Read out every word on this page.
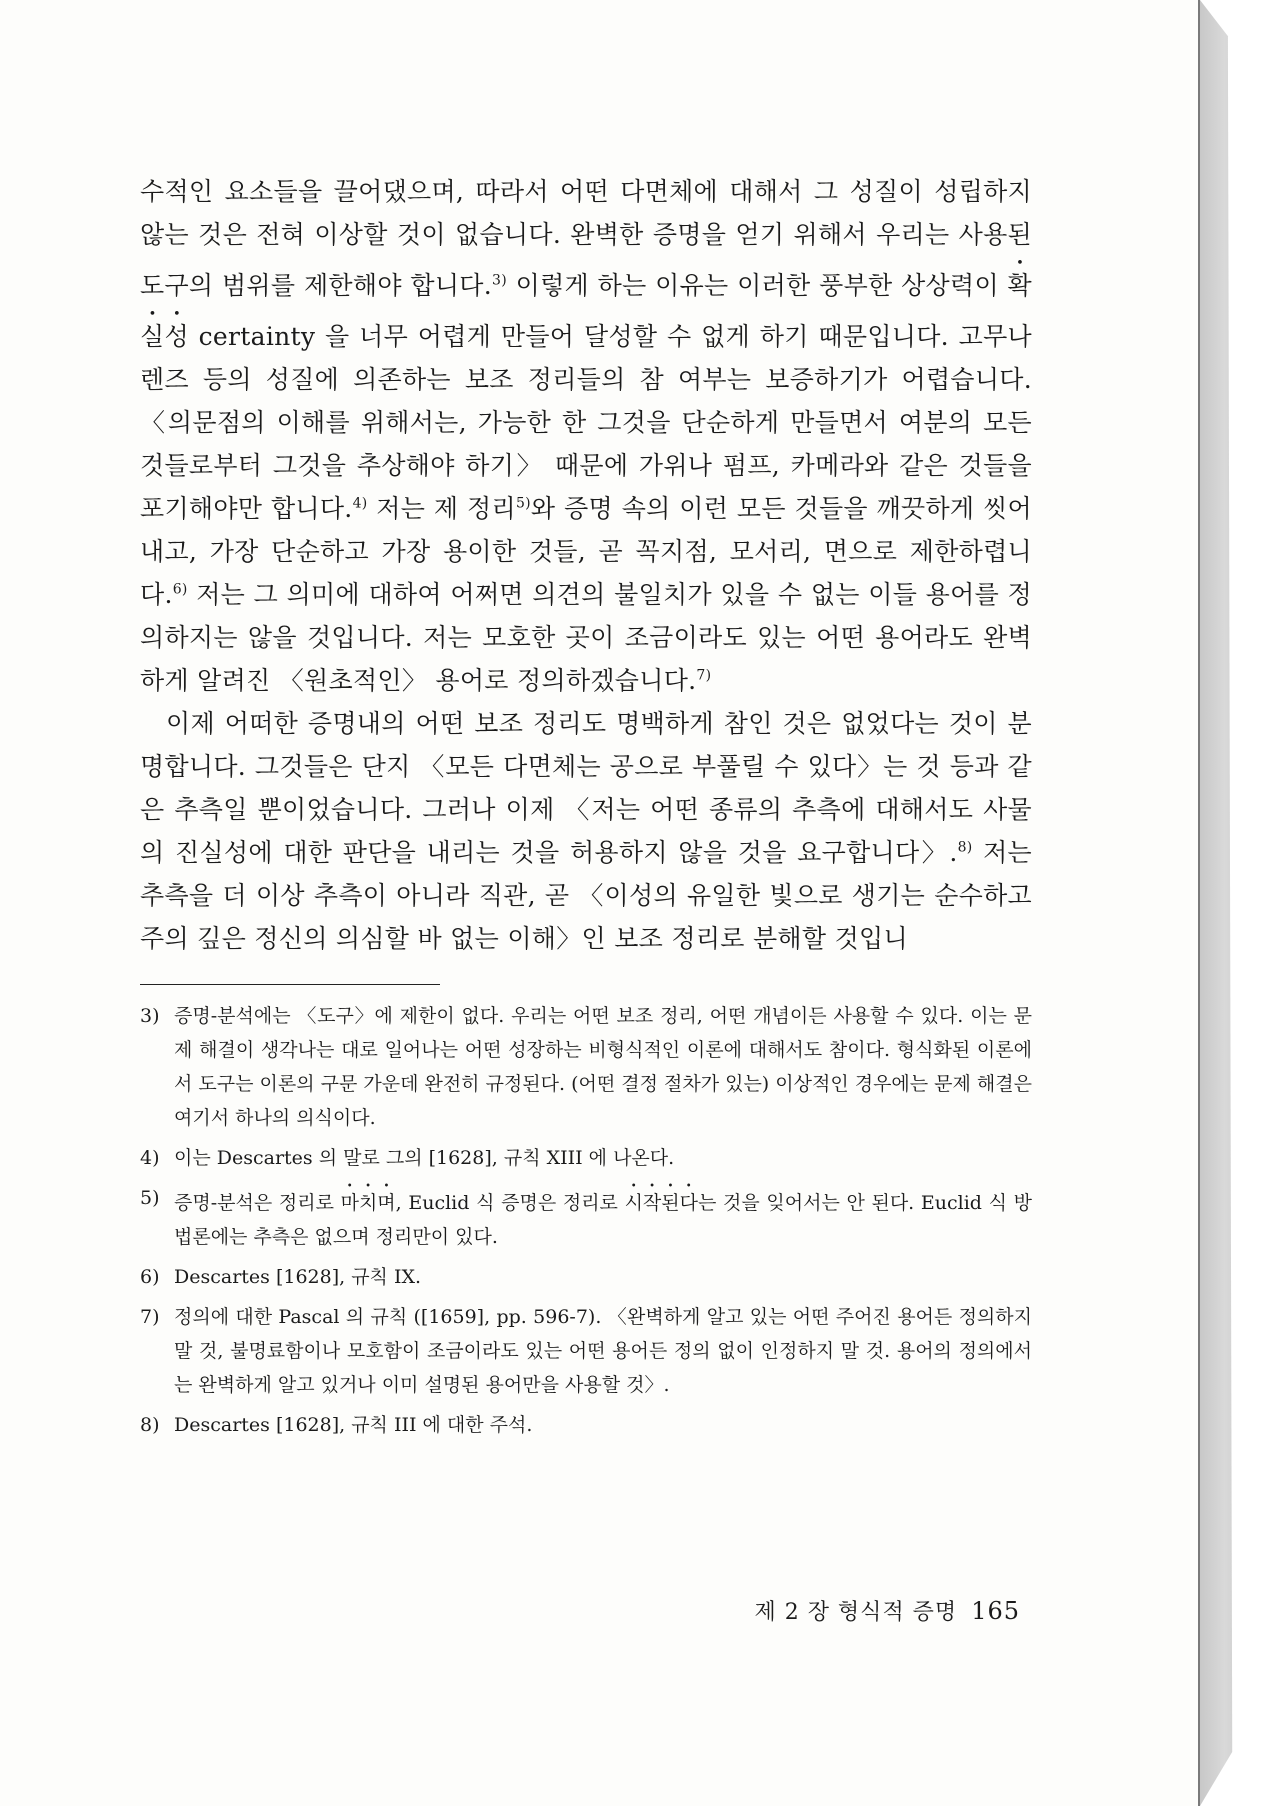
수적인 요소들을 끌어댔으며, 따라서 어떤 다면체에 대해서 그 성질이 성립하지 않는 것은 전혀 이상할 것이 없습니다. 완벽한 증명을 얻기 위해서 우리는 사용된 도구의 범위를 제한해야 합니다.$^{3)}$ 이렇게 하는 이유는 이러한 풍부한 상상력이 확실성 certainty 을 너무 어렵게 만들어 달성할 수 없게 하기 때문입니다. 고무나 렌즈 등의 성질에 의존하는 보조 정리들의 참 여부는 보증하기가 어렵습니다. 〈의문점의 이해를 위해서는, 가능한 한 그것을 단순하게 만들면서 여분의 모든 것들로부터 그것을 추상해야 하기〉 때문에 가위나 펌프, 카메라와 같은 것들을 포기해야만 합니다.$^{4)}$ 저는 제 정리$^{5)}$와 증명 속의 이런 모든 것들을 깨끗하게 씻어내고, 가장 단순하고 가장 용이한 것들, 곧 꼭지점, 모서리, 면으로 제한하렵니다.$^{6)}$ 저는 그 의미에 대하여 어쩌면 의견의 불일치가 있을 수 없는 이들 용어를 정의하지는 않을 것입니다. 저는 모호한 곳이 조금이라도 있는 어떤 용어라도 완벽하게 알려진 〈원초적인〉 용어로 정의하겠습니다.$^{7)}$

이제 어떠한 증명내의 어떤 보조 정리도 명백하게 참인 것은 없었다는 것이 분명합니다. 그것들은 단지 〈모든 다면체는 공으로 부풀릴 수 있다〉는 것 등과 같은 추측일 뿐이었습니다. 그러나 이제 〈저는 어떤 종류의 추측에 대해서도 사물의 진실성에 대한 판단을 내리는 것을 허용하지 않을 것을 요구합니다〉.$^{8)}$ 저는 추측을 더 이상 추측이 아니라 직관, 곧 〈이성의 유일한 빛으로 생기는 순수하고 주의 깊은 정신의 의심할 바 없는 이해〉인 보조 정리로 분해할 것입니

3) 증명-분석에는 〈도구〉에 제한이 없다. 우리는 어떤 보조 정리, 어떤 개념이든 사용할 수 있다. 이는 문제 해결이 생각나는 대로 일어나는 어떤 성장하는 비형식적인 이론에 대해서도 참이다. 형식화된 이론에서 도구는 이론의 구문 가운데 완전히 규정된다. (어떤 결정 절차가 있는) 이상적인 경우에는 문제 해결은 여기서 하나의 의식이다.
4) 이는 Descartes 의 말로 그의 [1628], 규칙 XIII 에 나온다.
5) 증명-분석은 정리로 마치며, Euclid 식 증명은 정리로 시작된다는 것을 잊어서는 안 된다. Euclid 식 방법론에는 추측은 없으며 정리만이 있다.
6) Descartes [1628], 규칙 IX.
7) 정의에 대한 Pascal 의 규칙 ([1659], pp. 596-7). 〈완벽하게 알고 있는 어떤 주어진 용어든 정의하지 말 것, 불명료함이나 모호함이 조금이라도 있는 어떤 용어든 정의 없이 인정하지 말 것. 용어의 정의에서는 완벽하게 알고 있거나 이미 설명된 용어만을 사용할 것〉.
8) Descartes [1628], 규칙 III 에 대한 주석.
제 2 장 형식적 증명 165
